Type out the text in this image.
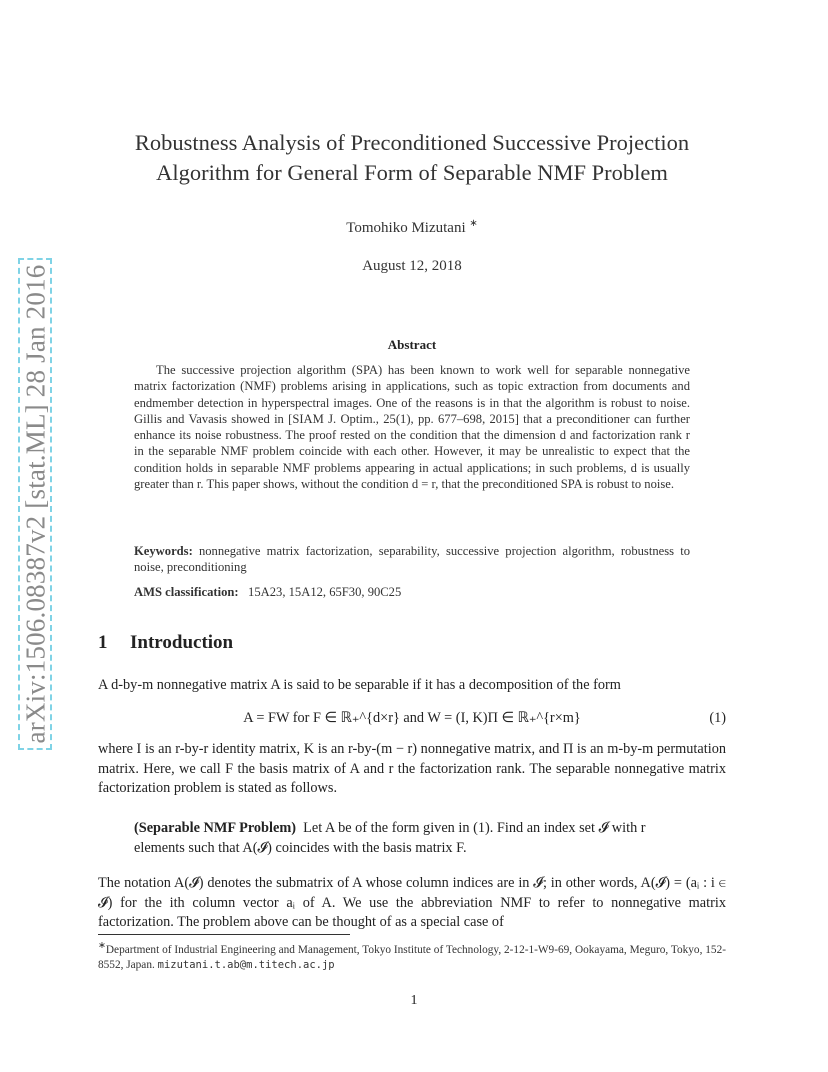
arXiv:1506.08387v2 [stat.ML] 28 Jan 2016
Robustness Analysis of Preconditioned Successive Projection
Algorithm for General Form of Separable NMF Problem
Tomohiko Mizutani ∗
August 12, 2018
Abstract
The successive projection algorithm (SPA) has been known to work well for separable nonnegative matrix factorization (NMF) problems arising in applications, such as topic extraction from documents and endmember detection in hyperspectral images. One of the reasons is in that the algorithm is robust to noise. Gillis and Vavasis showed in [SIAM J. Optim., 25(1), pp. 677–698, 2015] that a preconditioner can further enhance its noise robustness. The proof rested on the condition that the dimension d and factorization rank r in the separable NMF problem coincide with each other. However, it may be unrealistic to expect that the condition holds in separable NMF problems appearing in actual applications; in such problems, d is usually greater than r. This paper shows, without the condition d = r, that the preconditioned SPA is robust to noise.
Keywords: nonnegative matrix factorization, separability, successive projection algorithm, robustness to noise, preconditioning
AMS classification: 15A23, 15A12, 65F30, 90C25
1 Introduction
A d-by-m nonnegative matrix A is said to be separable if it has a decomposition of the form
A = FW for F ∈ ℝ₊^{d×r} and W = (I, K)Π ∈ ℝ₊^{r×m}	(1)
where I is an r-by-r identity matrix, K is an r-by-(m − r) nonnegative matrix, and Π is an m-by-m permutation matrix. Here, we call F the basis matrix of A and r the factorization rank. The separable nonnegative matrix factorization problem is stated as follows.
(Separable NMF Problem) Let A be of the form given in (1). Find an index set 𝓘 with r elements such that A(𝓘) coincides with the basis matrix F.
The notation A(𝓘) denotes the submatrix of A whose column indices are in 𝓘; in other words, A(𝓘) = (aᵢ : i ∈ 𝓘) for the ith column vector aᵢ of A. We use the abbreviation NMF to refer to nonnegative matrix factorization. The problem above can be thought of as a special case of
∗Department of Industrial Engineering and Management, Tokyo Institute of Technology, 2-12-1-W9-69, Ookayama, Meguro, Tokyo, 152-8552, Japan. mizutani.t.ab@m.titech.ac.jp
1
